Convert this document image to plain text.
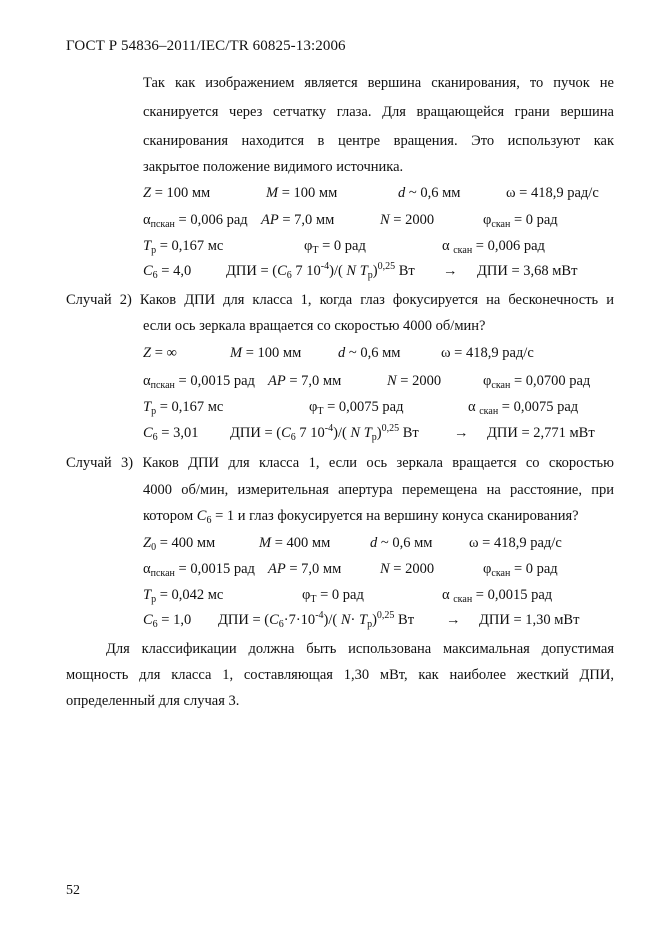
ГОСТ Р 54836–2011/IEC/TR 60825-13:2006
Так как изображением является вершина сканирования, то пучок не
сканируется через сетчатку глаза. Для вращающейся грани вершина
сканирования находится в центре вращения. Это используют как
закрытое положение видимого источника.
Z = 100 мм	M = 100 мм	d ~ 0,6 мм	ω = 418,9 рад/с
$\alpha_{пскан} = 0,006$ рад AP = 7,0 мм	N = 2000	$\varphi_{скан} = 0$ рад
$T_р = 0,167$ мс	$\varphi_T = 0$ рад	α $_{скан}$ = 0,006 рад
$C_6 = 4,0$ ДПИ = ($C_6$ 7 $10^{-4})/$( N $T_р)^{0,25}$ Вт → ДПИ = 3,68 мВт
Случай 2) Каков ДПИ для класса 1, когда глаз фокусируется на бесконечность и
если ось зеркала вращается со скоростью 4000 об/мин?
Z = ∞	M = 100 мм	d ~ 0,6 мм	ω = 418,9 рад/с
$\alpha_{пскан} = 0,0015$ рад AP = 7,0 мм	N = 2000	$\varphi_{скан} = 0,0700$ рад
$T_р = 0,167$ мс	$\varphi_T = 0,0075$ рад	α $_{скан}$ = 0,0075 рад
$C_6 = 3,01$ ДПИ = ($C_6$ 7 $10^{-4})/$( N $T_р)^{0,25}$ Вт → ДПИ = 2,771 мВт
Случай 3) Каков ДПИ для класса 1, если ось зеркала вращается со скоростью
4000 об/мин, измерительная апертура перемещена на расстояние, при
котором $C_6 = 1$ и глаз фокусируется на вершину конуса сканирования?
$Z_0 = 400$ мм	M = 400 мм	d ~ 0,6 мм	ω = 418,9 рад/с
$\alpha_{пскан} = 0,0015$ рад AP = 7,0 мм	N = 2000	$\varphi_{скан} = 0$ рад
$T_р = 0,042$ мс	$\varphi_T = 0$ рад	α $_{скан}$ = 0,0015 рад
$C_6 = 1,0$ ДПИ = $(C_6\cdot 7\cdot 10^{-4})/$( $N\cdot T_р)^{0,25}$ Вт → ДПИ = 1,30 мВт
Для классификации должна быть использована максимальная допустимая
мощность для класса 1, составляющая 1,30 мВт, как наиболее жесткий ДПИ,
определенный для случая 3.
52
